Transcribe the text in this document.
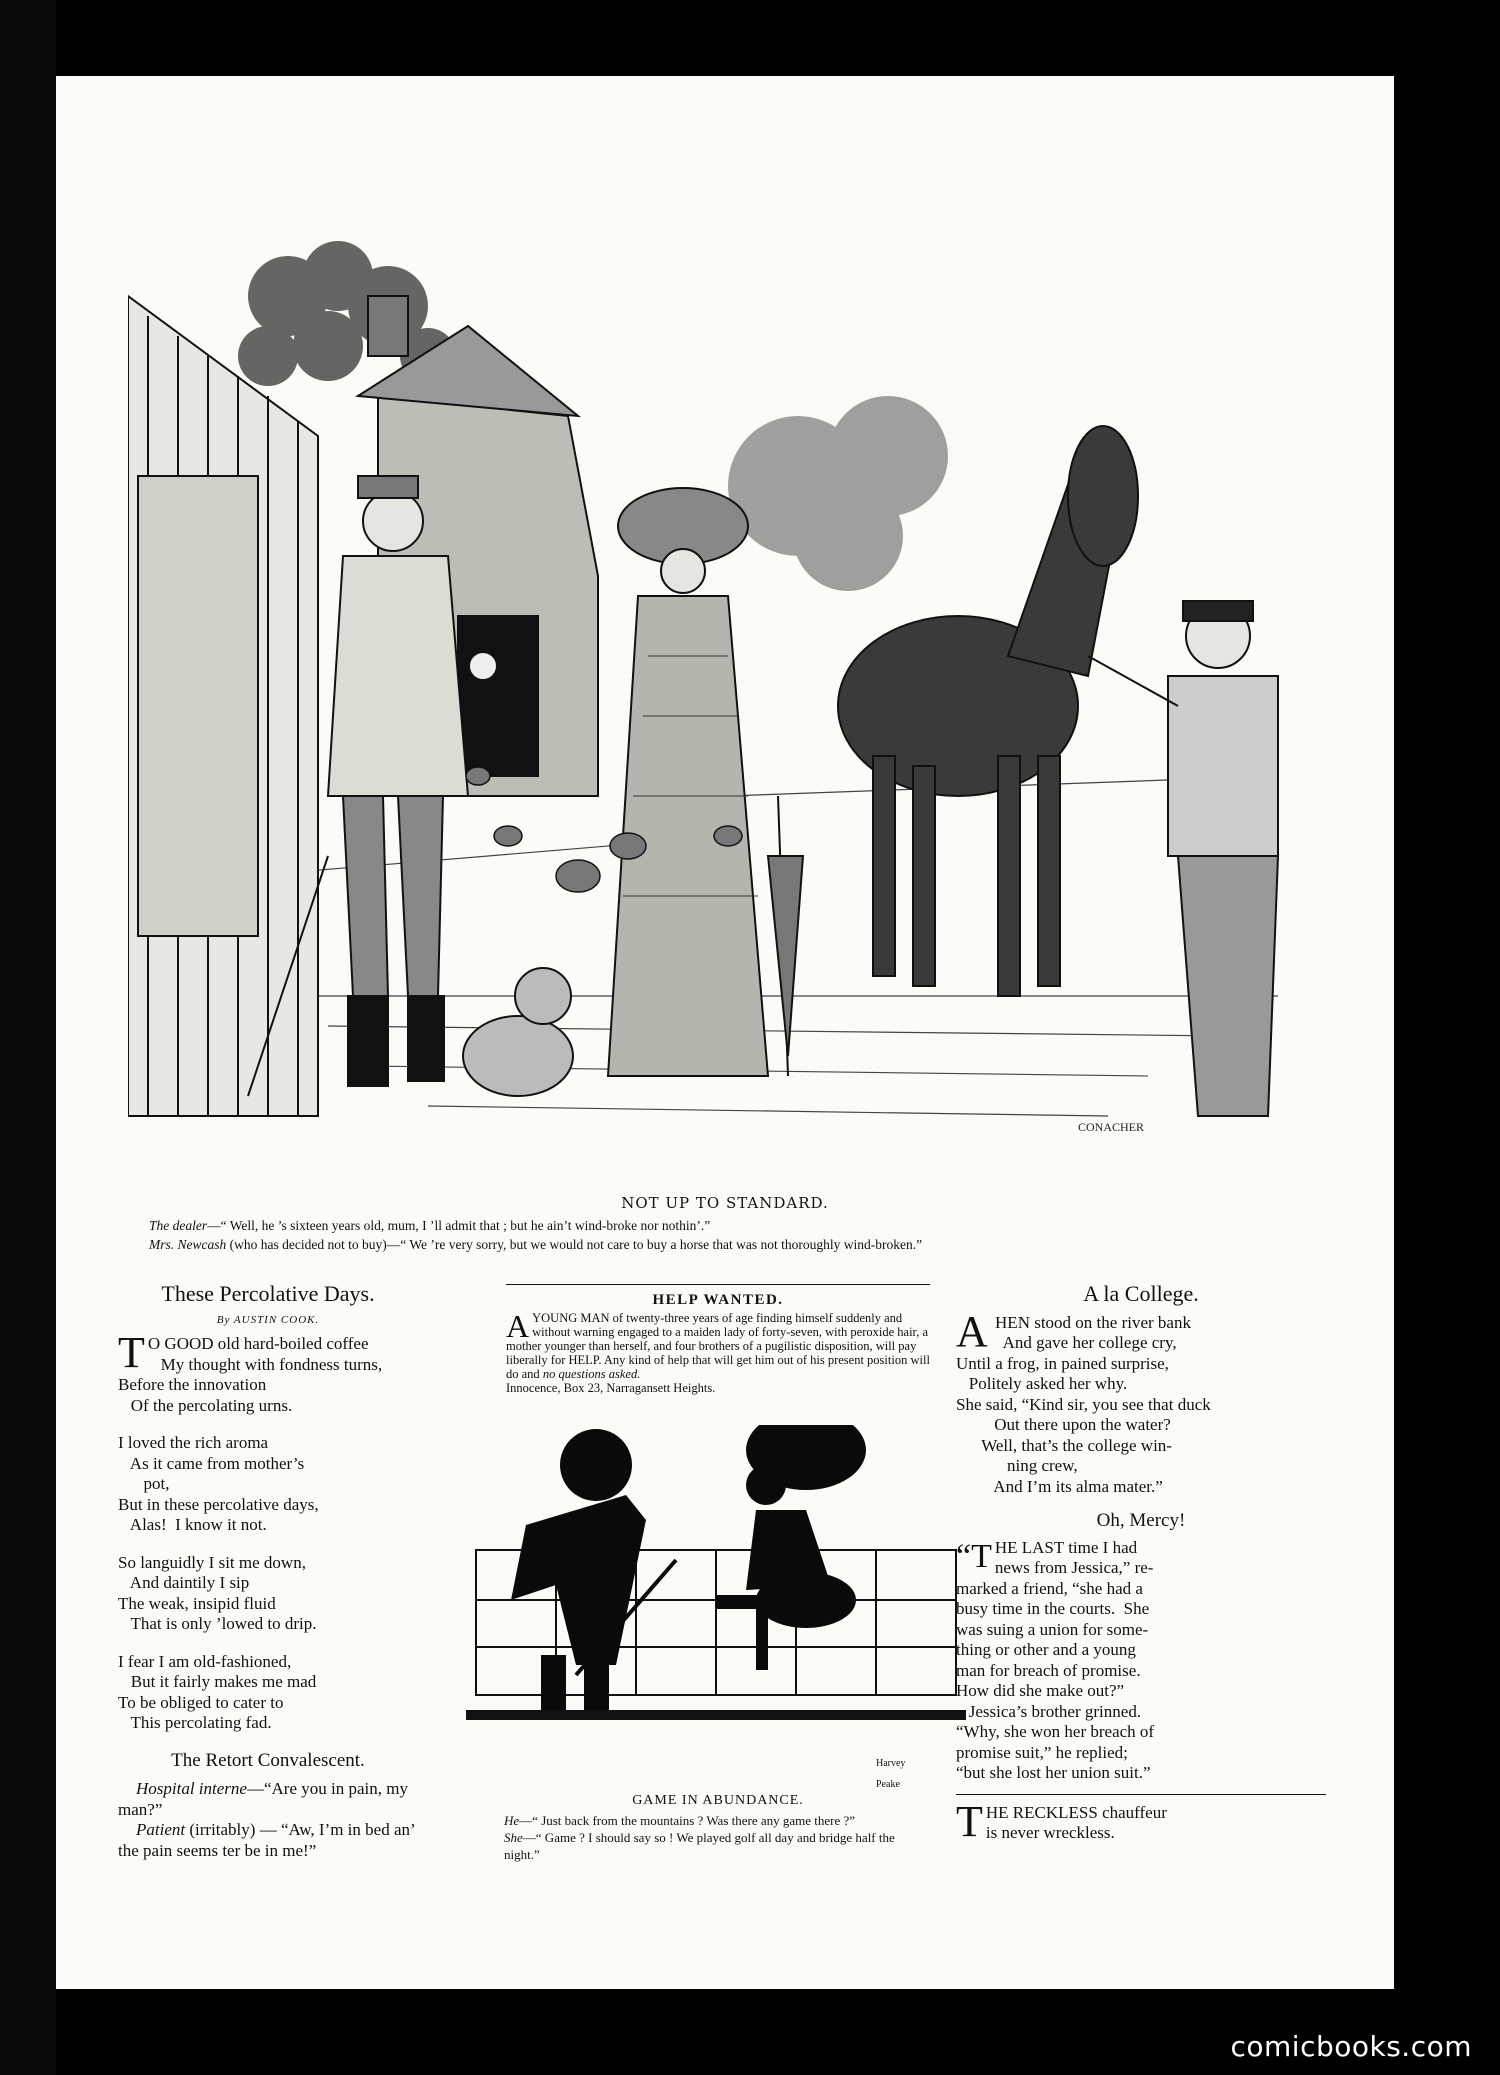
CONACHER
NOT UP TO STANDARD.
The dealer—“ Well, he ’s sixteen years old, mum, I ’ll admit that ; but he ain’t wind-broke nor nothin’.”
Mrs. Newcash (who has decided not to buy)—“ We ’re very sorry, but we would not care to buy a horse that was not thoroughly wind-broken.”
These Percolative Days.
By AUSTIN COOK.
T O GOOD old hard-boiled coffee
My thought with fondness turns,
Before the innovation
Of the percolating urns.
I loved the rich aroma
As it came from mother’s
pot,
But in these percolative days,
Alas!  I know it not.
So languidly I sit me down,
And daintily I sip
The weak, insipid fluid
That is only ’lowed to drip.
I fear I am old-fashioned,
But it fairly makes me mad
To be obliged to cater to
This percolating fad.
The Retort Convalescent.
Hospital interne—“Are you in pain, my man?”
Patient (irritably) — “Aw, I’m in bed an’ the pain seems ter be in me!”
HELP WANTED.
A YOUNG MAN of twenty-three years of age finding himself suddenly and without warning engaged to a maiden lady of forty-seven, with peroxide hair, a mother younger than herself, and four brothers of a pugilistic disposition, will pay liberally for HELP. Any kind of help that will get him out of his present position will do and no questions asked.
Innocence, Box 23, Narragansett Heights.
Harvey Peake
GAME IN ABUNDANCE.
He—“ Just back from the mountains ? Was there any game there ?”
She—“ Game ? I should say so ! We played golf all day and bridge half the night.”
A la College.
A HEN stood on the river bank
And gave her college cry,
Until a frog, in pained surprise,
Politely asked her why.
She said, “Kind sir, you see that duck
Out there upon the water?
Well, that’s the college win-
ning crew,
And I’m its alma mater.”
Oh, Mercy!
“T HE LAST time I had
news from Jessica,” re-
marked a friend, “she had a
busy time in the courts.  She
was suing a union for some-
thing or other and a young
man for breach of promise.
How did she make out?”
Jessica’s brother grinned.
“Why, she won her breach of
promise suit,” he replied;
“but she lost her union suit.”
T HE RECKLESS chauffeur
is never wreckless.
comicbooks.com
